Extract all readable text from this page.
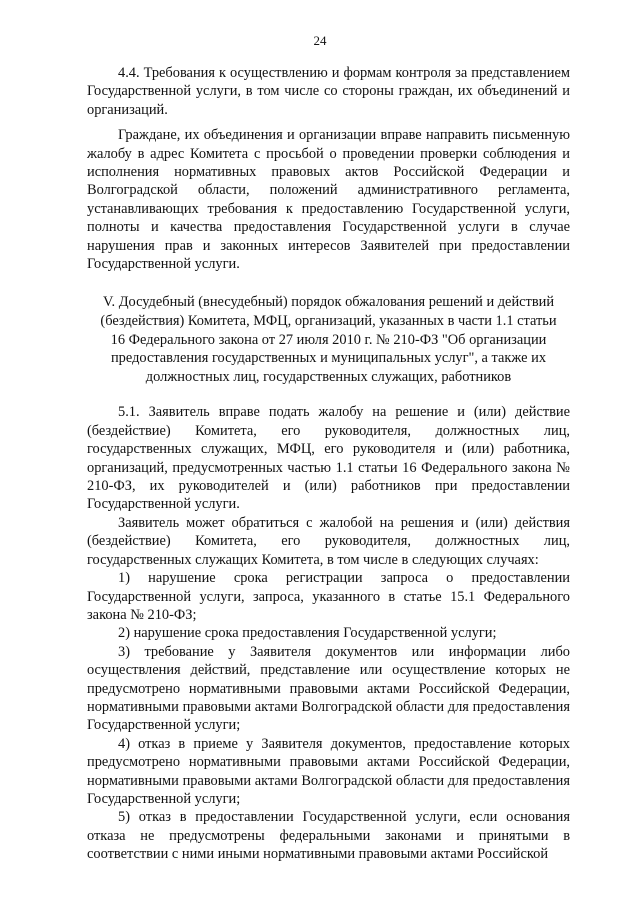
24

4.4. Требования к осуществлению и формам контроля за представлением Государственной услуги, в том числе со стороны граждан, их объединений и организаций.

Граждане, их объединения и организации вправе направить письменную жалобу в адрес Комитета с просьбой о проведении проверки соблюдения и исполнения нормативных правовых актов Российской Федерации и Волгоградской области, положений административного регламента, устанавливающих требования к предоставлению Государственной услуги, полноты и качества предоставления Государственной услуги в случае нарушения прав и законных интересов Заявителей при предоставлении Государственной услуги.

V. Досудебный (внесудебный) порядок обжалования решений и действий (бездействия) Комитета, МФЦ, организаций, указанных в части 1.1 статьи 16 Федерального закона от 27 июля 2010 г. № 210-ФЗ "Об организации предоставления государственных и муниципальных услуг", а также их должностных лиц, государственных служащих, работников

5.1. Заявитель вправе подать жалобу на решение и (или) действие (бездействие) Комитета, его руководителя, должностных лиц, государственных служащих, МФЦ, его руководителя и (или) работника, организаций, предусмотренных частью 1.1 статьи 16 Федерального закона № 210-ФЗ, их руководителей и (или) работников при предоставлении Государственной услуги.

Заявитель может обратиться с жалобой на решения и (или) действия (бездействие) Комитета, его руководителя, должностных лиц, государственных служащих Комитета, в том числе в следующих случаях:

1) нарушение срока регистрации запроса о предоставлении Государственной услуги, запроса, указанного в статье 15.1 Федерального закона № 210-ФЗ;

2) нарушение срока предоставления Государственной услуги;

3) требование у Заявителя документов или информации либо осуществления действий, представление или осуществление которых не предусмотрено нормативными правовыми актами Российской Федерации, нормативными правовыми актами Волгоградской области для предоставления Государственной услуги;

4) отказ в приеме у Заявителя документов, предоставление которых предусмотрено нормативными правовыми актами Российской Федерации, нормативными правовыми актами Волгоградской области для предоставления Государственной услуги;

5) отказ в предоставлении Государственной услуги, если основания отказа не предусмотрены федеральными законами и принятыми в соответствии с ними иными нормативными правовыми актами Российской
